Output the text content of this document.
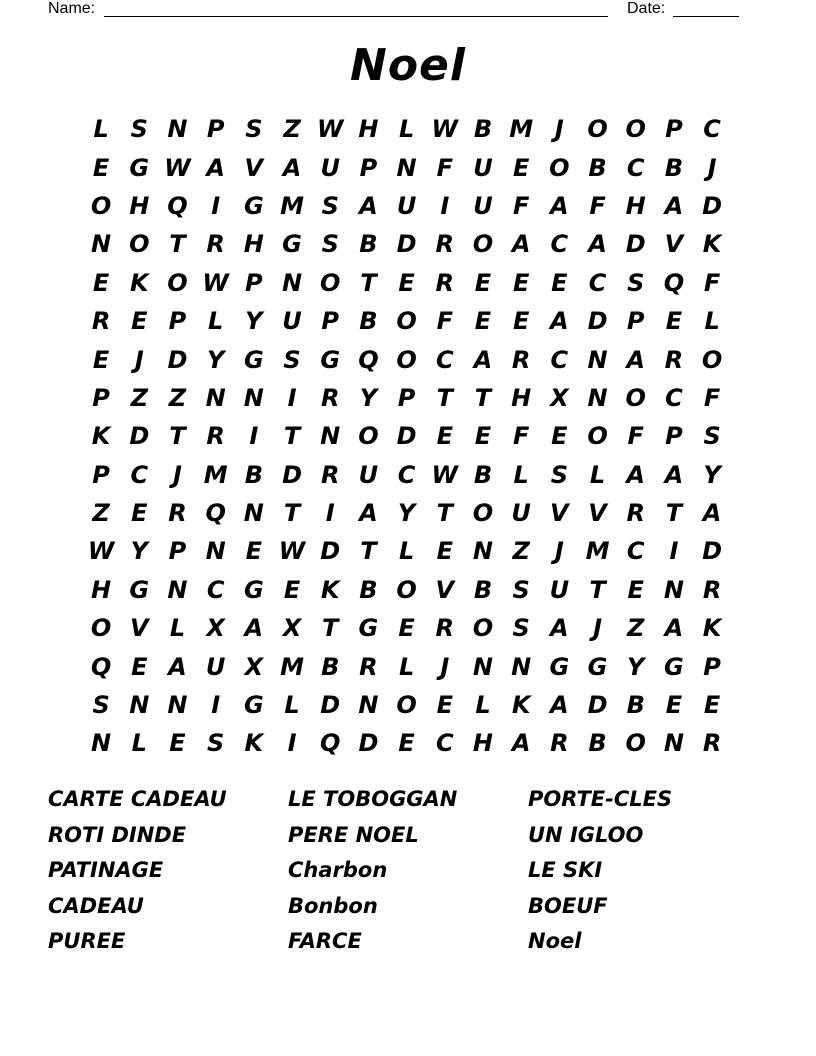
Name:	Date:
Noel
L S N P S Z W H L W B M J O O P C
E G W A V A U P N F U E O B C B	J
O H Q I G M S A U I U F A F H A D
N O T R H G S B D R O A C A D V K
E K O W P N O T E R E E E C S Q F
R E P L Y U P B O F E E A D P E L
E	J D Y G S G Q O C A R C N A R O
P Z Z N N I	R Y P T T H X N O C F
K D T R	I	T N O D E E F E O F P S
P C	J M B D R U C W B L S L A A Y
Z E R Q N T	I	A Y T O U V V R T A
W Y P N E W D T L E N Z	J M C	I D
H G N C G E K B O V B S U T E N R
O V L X A X T G E R O S A	J	Z A K
Q E A U X M B R L	J N N G G Y G P
S N N I G L D N O E L K A D B E E
N L E S K	I Q D E C H A R B O N R
CARTE CADEAU
ROTI DINDE
PATINAGE
CADEAU
PUREE
LE TOBOGGAN
PERE NOEL
Charbon
Bonbon
FARCE
PORTE-CLES
UN IGLOO
LE SKI
BOEUF
Noel
